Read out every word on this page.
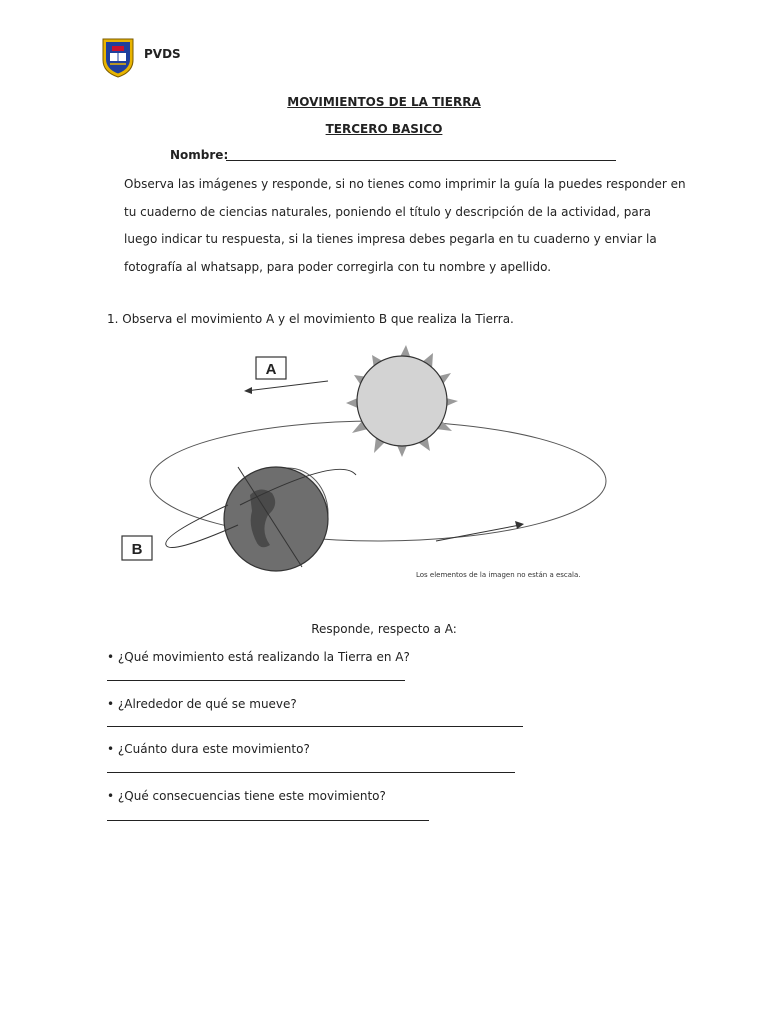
PVDS
MOVIMIENTOS DE LA TIERRA
TERCERO BASICO
Nombre:
Observa las imágenes y responde, si no tienes como imprimir la guía la puedes responder en
tu cuaderno de ciencias naturales, poniendo el título y descripción de la actividad, para
luego indicar tu respuesta, si la tienes impresa debes pegarla en tu cuaderno y enviar la
fotografía al whatsapp, para poder corregirla con tu nombre y apellido.
1. Observa el movimiento A y el movimiento B que realiza la Tierra.
A
B
Los elementos de la imagen no están a escala.
Responde, respecto a A:
• ¿Qué movimiento está realizando la Tierra en A?
• ¿Alrededor de qué se mueve?
• ¿Cuánto dura este movimiento?
• ¿Qué consecuencias tiene este movimiento?
